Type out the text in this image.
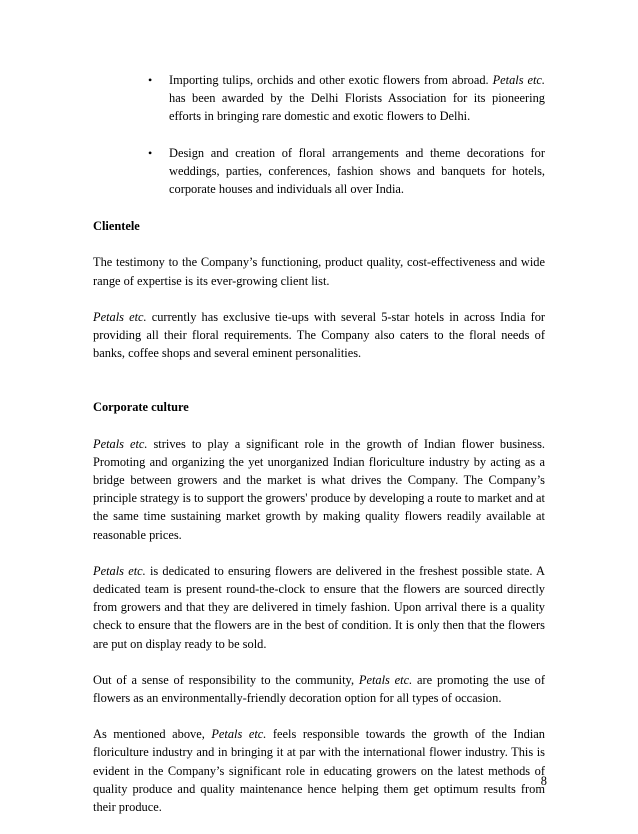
• Importing tulips, orchids and other exotic flowers from abroad. Petals etc. has been awarded by the Delhi Florists Association for its pioneering efforts in bringing rare domestic and exotic flowers to Delhi.
• Design and creation of floral arrangements and theme decorations for weddings, parties, conferences, fashion shows and banquets for hotels, corporate houses and individuals all over India.
Clientele

The testimony to the Company’s functioning, product quality, cost-effectiveness and wide range of expertise is its ever-growing client list.

Petals etc. currently has exclusive tie-ups with several 5-star hotels in across India for providing all their floral requirements. The Company also caters to the floral needs of banks, coffee shops and several eminent personalities.

Corporate culture

Petals etc. strives to play a significant role in the growth of Indian flower business. Promoting and organizing the yet unorganized Indian floriculture industry by acting as a bridge between growers and the market is what drives the Company. The Company’s principle strategy is to support the growers' produce by developing a route to market and at the same time sustaining market growth by making quality flowers readily available at reasonable prices.

Petals etc. is dedicated to ensuring flowers are delivered in the freshest possible state. A dedicated team is present round-the-clock to ensure that the flowers are sourced directly from growers and that they are delivered in timely fashion. Upon arrival there is a quality check to ensure that the flowers are in the best of condition. It is only then that the flowers are put on display ready to be sold.

Out of a sense of responsibility to the community, Petals etc. are promoting the use of flowers as an environmentally-friendly decoration option for all types of occasion.

As mentioned above, Petals etc. feels responsible towards the growth of the Indian floriculture industry and in bringing it at par with the international flower industry. This is evident in the Company’s significant role in educating growers on the latest methods of quality produce and quality maintenance hence helping them get optimum results from their produce.

8
